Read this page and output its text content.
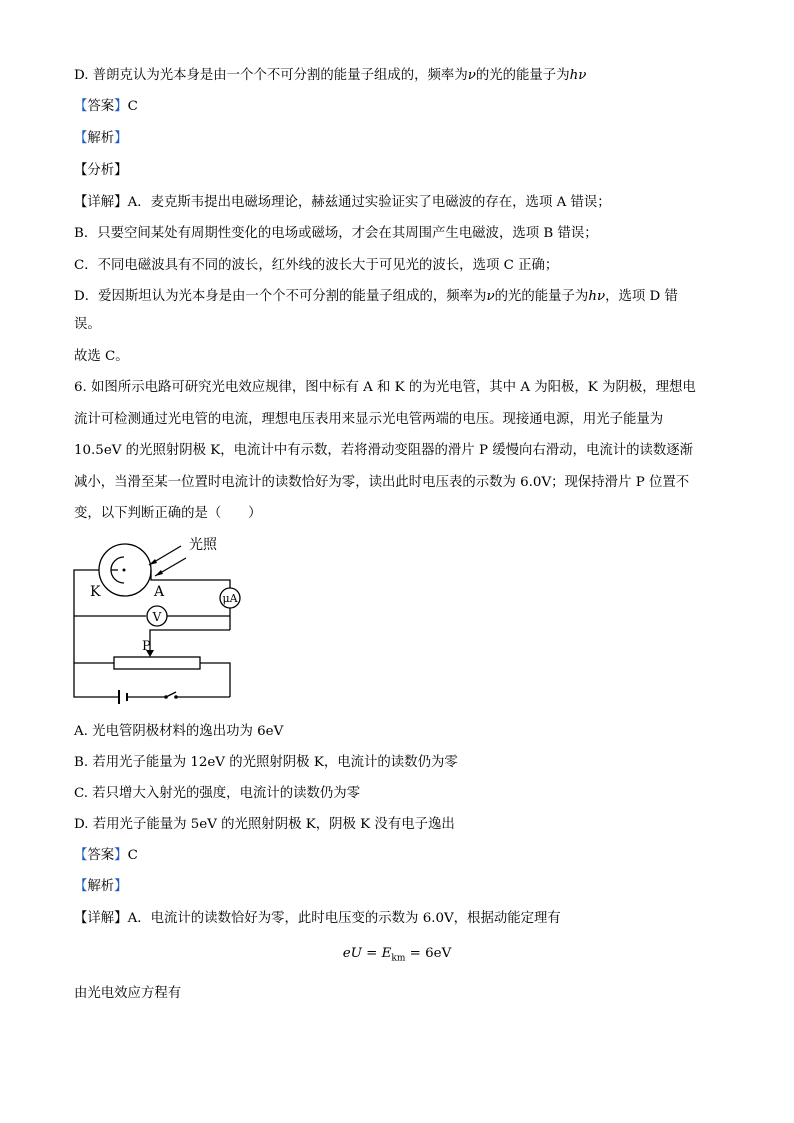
D. 普朗克认为光本身是由一个个不可分割的能量子组成的，频率为ν的光的能量子为hν
【答案】C
【解析】
【分析】
【详解】A．麦克斯韦提出电磁场理论，赫兹通过实验证实了电磁波的存在，选项 A 错误；
B．只要空间某处有周期性变化的电场或磁场，才会在其周围产生电磁波，选项 B 错误；
C．不同电磁波具有不同的波长，红外线的波长大于可见光的波长，选项 C 正确；
D．爱因斯坦认为光本身是由一个个不可分割的能量子组成的，频率为ν的光的能量子为hν，选项 D 错
误。
故选 C。
6. 如图所示电路可研究光电效应规律，图中标有 A 和 K 的为光电管，其中 A 为阳极，K 为阴极，理想电
流计可检测通过光电管的电流，理想电压表用来显示光电管两端的电压。现接通电源，用光子能量为
10.5eV 的光照射阴极 K，电流计中有示数，若将滑动变阻器的滑片 P 缓慢向右滑动，电流计的读数逐渐
减小，当滑至某一位置时电流计的读数恰好为零，读出此时电压表的示数为 6.0V；现保持滑片 P 位置不
变，以下判断正确的是（　　）
光照
K	A	μA
V
P
A. 光电管阴极材料的逸出功为 6eV
B. 若用光子能量为 12eV 的光照射阴极 K，电流计的读数仍为零
C. 若只增大入射光的强度，电流计的读数仍为零
D. 若用光子能量为 5eV 的光照射阴极 K，阴极 K 没有电子逸出
【答案】C
【解析】
【详解】A．电流计的读数恰好为零，此时电压变的示数为 6.0V，根据动能定理有
eU = $E_{km} = 6eV$
由光电效应方程有
